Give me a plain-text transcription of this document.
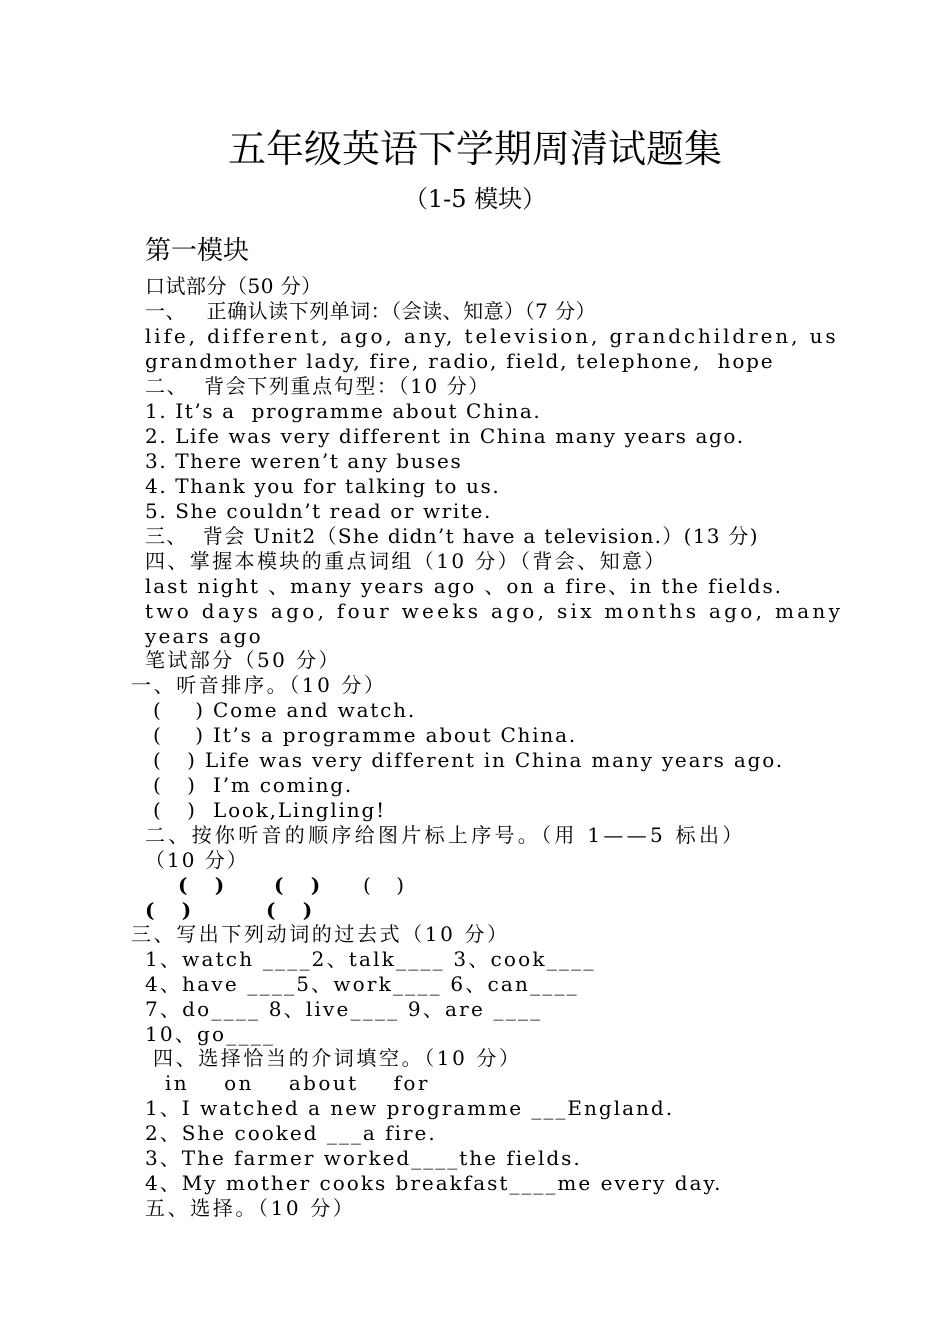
五年级英语下学期周清试题集
（1-5 模块）
第一模块
口试部分（50 分）
一、   正确认读下列单词：（会读、知意）（7 分）
life, different, ago, any, television, grandchildren, us
grandmother lady, fire, radio, field, telephone,  hope
二、  背会下列重点句型：（10 分）
1. It’s a  programme about China.
2. Life was very different in China many years ago.
3. There weren’t any buses
4. Thank you for talking to us.
5. She couldn’t read or write.
三、  背会 Unit2（She didn’t have a television.）(13 分)
四、掌握本模块的重点词组（10 分）（背会、知意）
last night 、many years ago 、on a fire、in the fields.
two days ago, four weeks ago, six months ago, many
years ago
笔试部分（50 分）
一、听音排序。（10 分）
(    ) Come and watch.
(    ) It’s a programme about China.
(   ) Life was very different in China many years ago.
(   )  I’m coming.
(   )  Look,Lingling!
二、按你听音的顺序给图片标上序号。（用 1——5 标出）
（10 分）
(   ) (   ) (   )
(   )	(   )
三、写出下列动词的过去式（10 分）
1、watch ____2、talk____ 3、cook____
4、have ____5、work____ 6、can____
7、do____ 8、live____ 9、are ____
10、go____
四、选择恰当的介词填空。（10 分）
in    on    about    for
1、I watched a new programme ___England.
2、She cooked ___a fire.
3、The farmer worked____the fields.
4、My mother cooks breakfast____me every day.
五、选择。（10 分）
